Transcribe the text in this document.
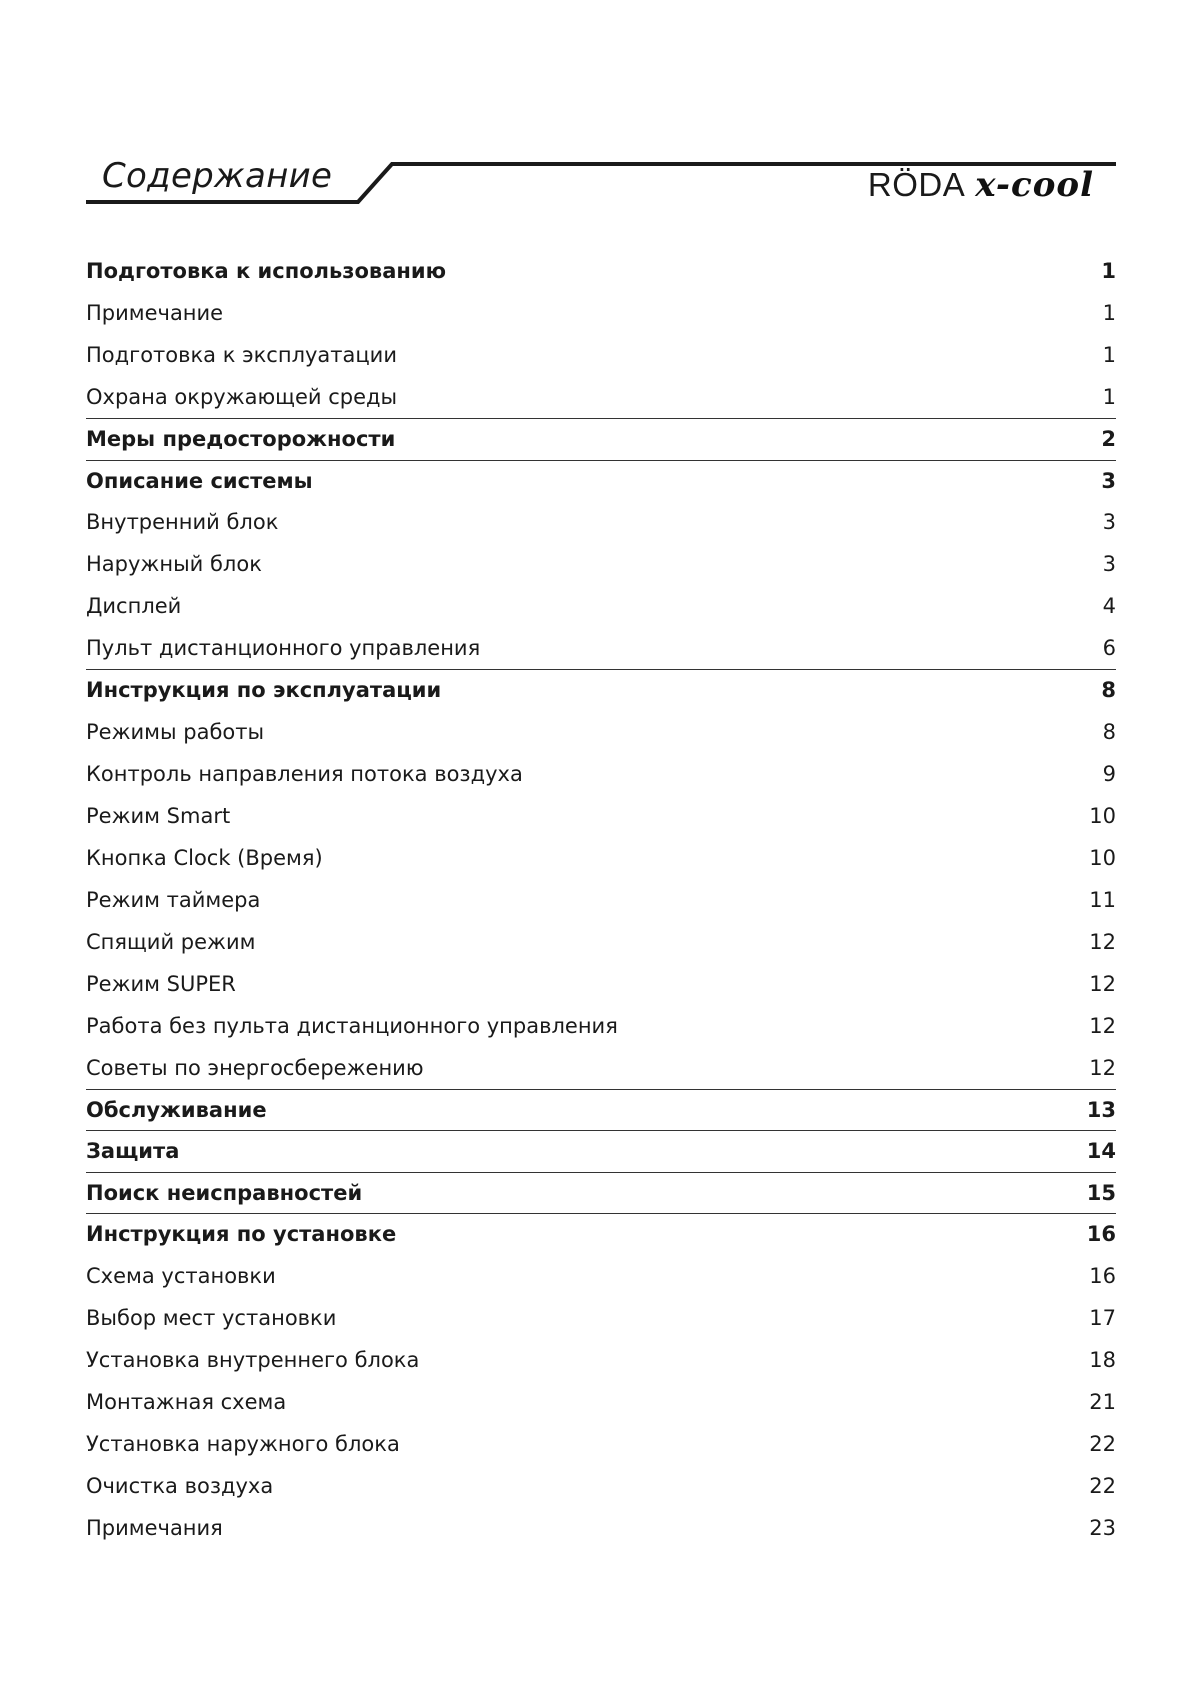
Содержание	RÖDA x-cool
Подготовка к использованию	1
Примечание	1
Подготовка к эксплуатации	1
Охрана окружающей среды	1
Меры предосторожности	2
Описание системы	3
Внутренний блок	3
Наружный блок	3
Дисплей	4
Пульт дистанционного управления	6
Инструкция по эксплуатации	8
Режимы работы	8
Контроль направления потока воздуха	9
Режим Smart	10
Кнопка Clock (Время)	10
Режим таймера	11
Спящий режим	12
Режим SUPER	12
Работа без пульта дистанционного управления	12
Советы по энергосбережению	12
Обслуживание	13
Защита	14
Поиск неисправностей	15
Инструкция по установке	16
Схема установки	16
Выбор мест установки	17
Установка внутреннего блока	18
Монтажная схема	21
Установка наружного блока	22
Очистка воздуха	22
Примечания	23
